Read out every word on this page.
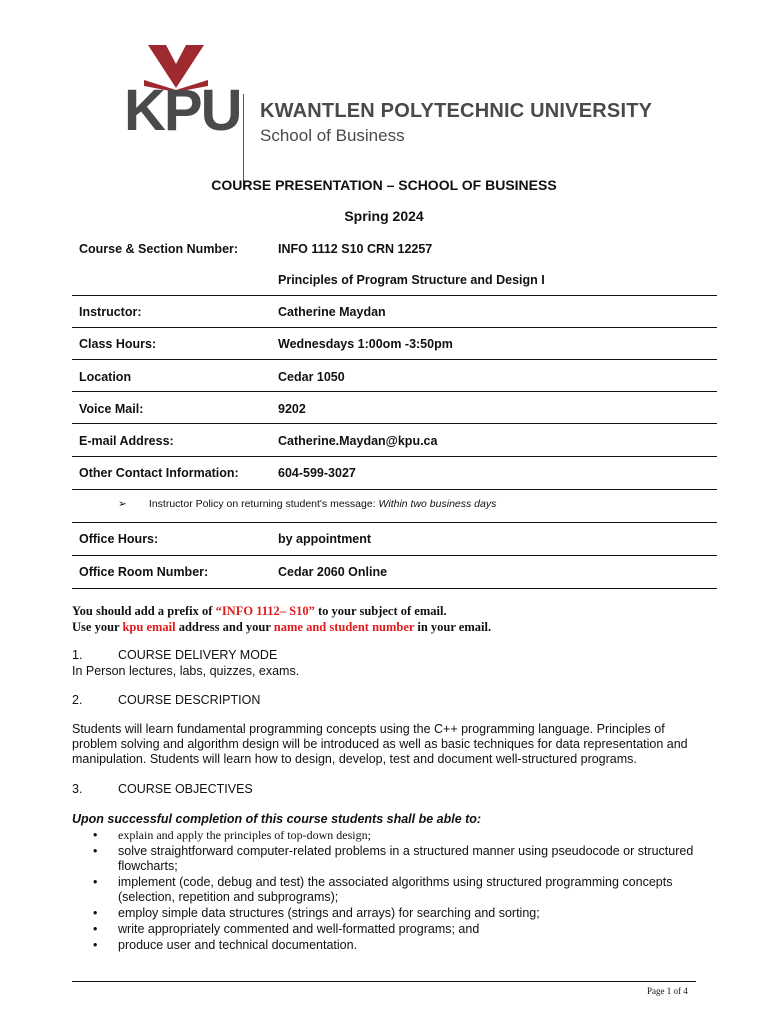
KPU KWANTLEN POLYTECHNIC UNIVERSITY
School of Business
COURSE PRESENTATION – SCHOOL OF BUSINESS
Spring 2024
Course & Section Number:	INFO 1112 S10 CRN 12257
Principles of Program Structure and Design I
Instructor:	Catherine Maydan
Class Hours:	Wednesdays 1:00om -3:50pm
Location	Cedar 1050
Voice Mail:	9202
E-mail Address:	Catherine.Maydan@kpu.ca
Other Contact Information:	604-599-3027
➢ Instructor Policy on returning student's message: Within two business days
Office Hours:	by appointment
Office Room Number:	Cedar 2060 Online
You should add a prefix of “INFO 1112– S10” to your subject of email.
Use your kpu email address and your name and student number in your email.
1.	COURSE DELIVERY MODE
In Person lectures, labs, quizzes, exams.
2.	COURSE DESCRIPTION
Students will learn fundamental programming concepts using the C++ programming language. Principles of problem solving and algorithm design will be introduced as well as basic techniques for data representation and manipulation. Students will learn how to design, develop, test and document well-structured programs.
3.	COURSE OBJECTIVES
Upon successful completion of this course students shall be able to:
• explain and apply the principles of top-down design;
• solve straightforward computer-related problems in a structured manner using pseudocode or structured flowcharts;
• implement (code, debug and test) the associated algorithms using structured programming concepts (selection, repetition and subprograms);
• employ simple data structures (strings and arrays) for searching and sorting;
• write appropriately commented and well-formatted programs; and
• produce user and technical documentation.
Page 1 of 4
